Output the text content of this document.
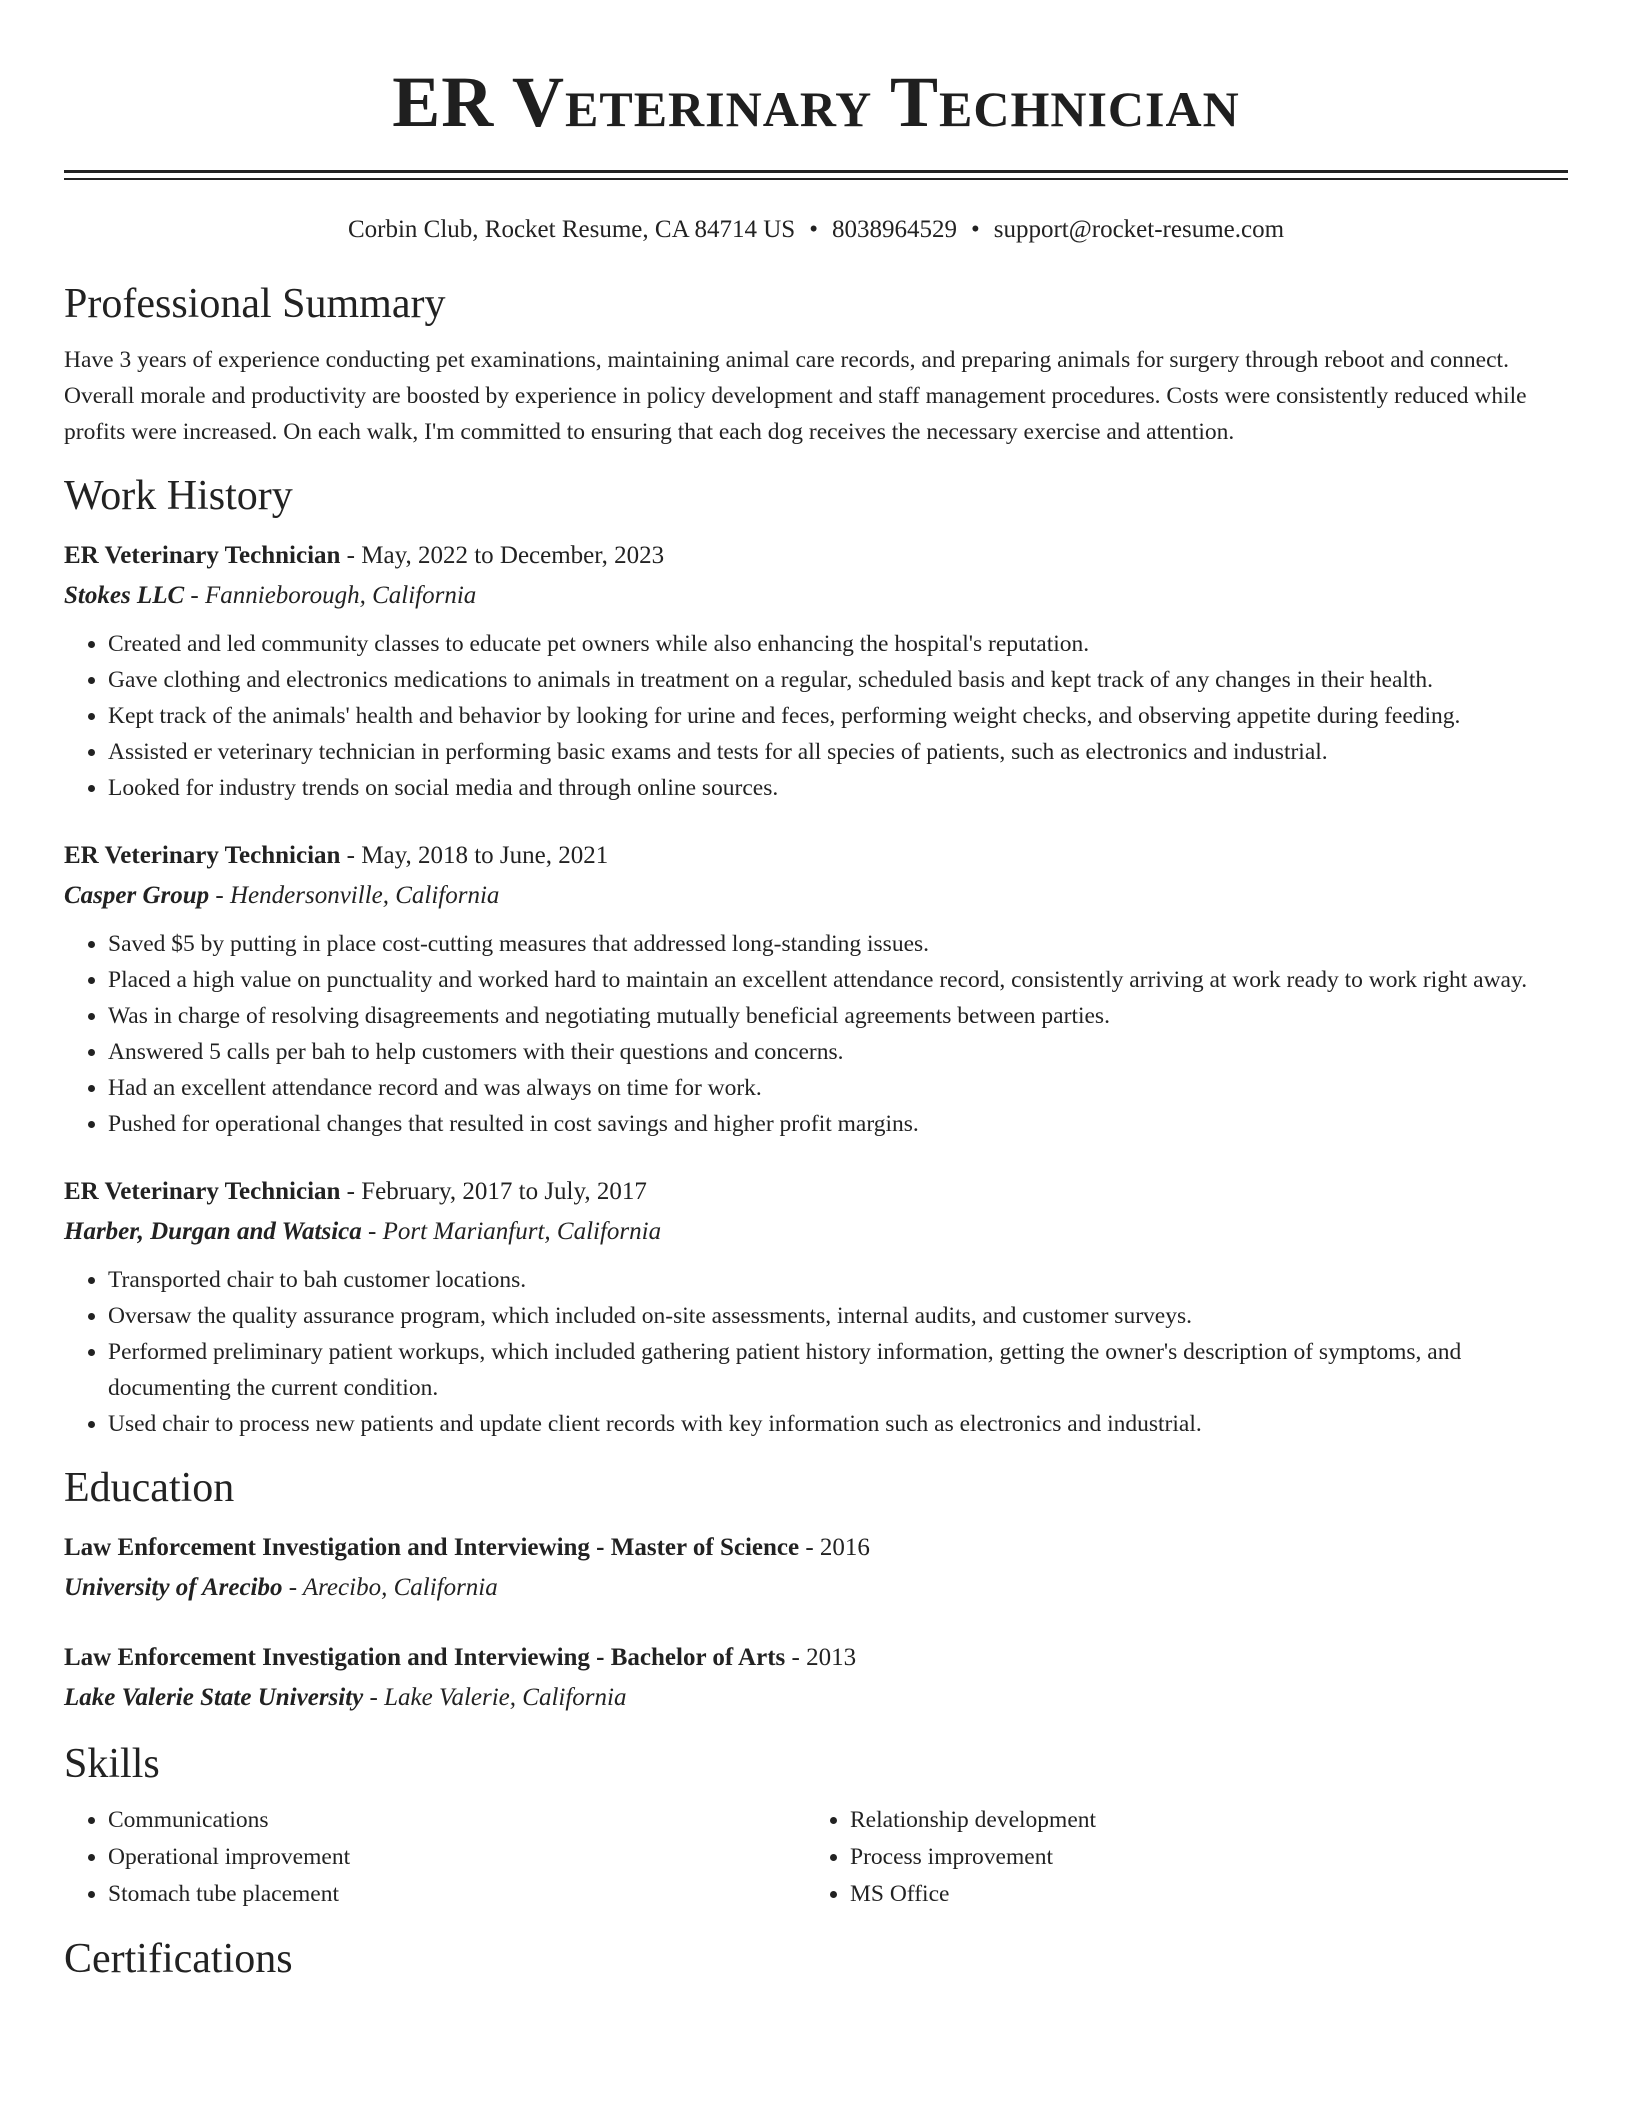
ER Veterinary Technician
Corbin Club, Rocket Resume, CA 84714 US • 8038964529 • support@rocket-resume.com
Professional Summary
Have 3 years of experience conducting pet examinations, maintaining animal care records, and preparing animals for surgery through reboot and connect. Overall morale and productivity are boosted by experience in policy development and staff management procedures. Costs were consistently reduced while profits were increased. On each walk, I'm committed to ensuring that each dog receives the necessary exercise and attention.
Work History
ER Veterinary Technician - May, 2022 to December, 2023
Stokes LLC - Fannieborough, California
• Created and led community classes to educate pet owners while also enhancing the hospital's reputation.
• Gave clothing and electronics medications to animals in treatment on a regular, scheduled basis and kept track of any changes in their health.
• Kept track of the animals' health and behavior by looking for urine and feces, performing weight checks, and observing appetite during feeding.
• Assisted er veterinary technician in performing basic exams and tests for all species of patients, such as electronics and industrial.
• Looked for industry trends on social media and through online sources.
ER Veterinary Technician - May, 2018 to June, 2021
Casper Group - Hendersonville, California
• Saved $5 by putting in place cost-cutting measures that addressed long-standing issues.
• Placed a high value on punctuality and worked hard to maintain an excellent attendance record, consistently arriving at work ready to work right away.
• Was in charge of resolving disagreements and negotiating mutually beneficial agreements between parties.
• Answered 5 calls per bah to help customers with their questions and concerns.
• Had an excellent attendance record and was always on time for work.
• Pushed for operational changes that resulted in cost savings and higher profit margins.
ER Veterinary Technician - February, 2017 to July, 2017
Harber, Durgan and Watsica - Port Marianfurt, California
• Transported chair to bah customer locations.
• Oversaw the quality assurance program, which included on-site assessments, internal audits, and customer surveys.
• Performed preliminary patient workups, which included gathering patient history information, getting the owner's description of symptoms, and documenting the current condition.
• Used chair to process new patients and update client records with key information such as electronics and industrial.
Education
Law Enforcement Investigation and Interviewing - Master of Science - 2016
University of Arecibo - Arecibo, California
Law Enforcement Investigation and Interviewing - Bachelor of Arts - 2013
Lake Valerie State University - Lake Valerie, California
Skills
• Communications
• Operational improvement
• Stomach tube placement
• Relationship development
• Process improvement
• MS Office
Certifications
